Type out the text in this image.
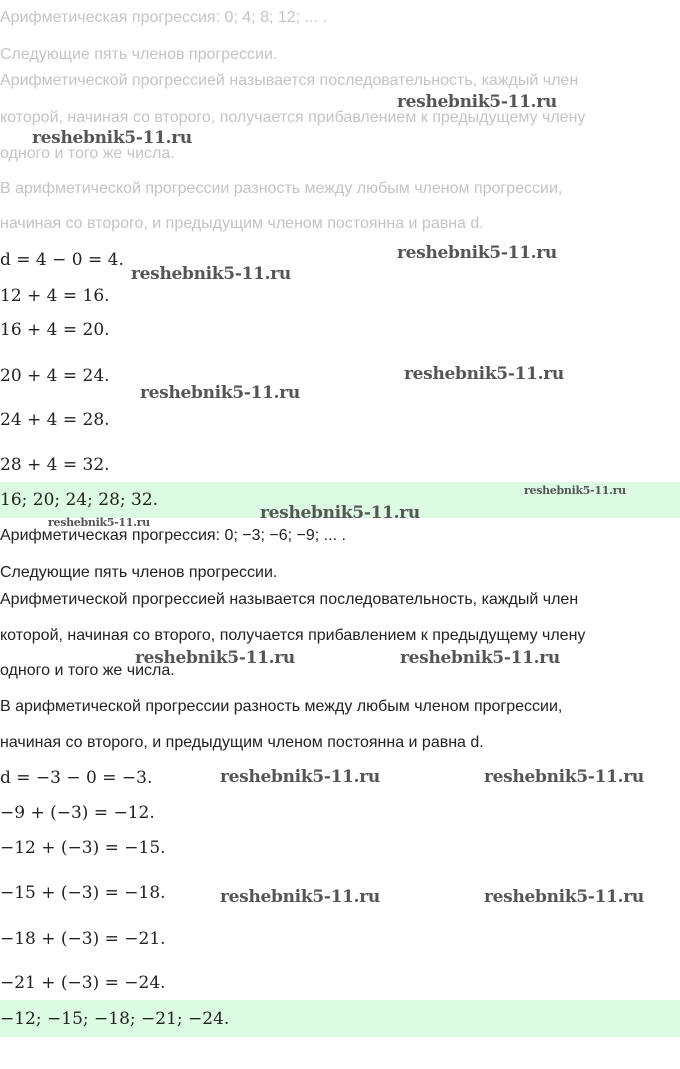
Арифметическая прогрессия: 0; 4; 8; 12; ... .
Следующие пять членов прогрессии.
Арифметической прогрессией называется последовательность, каждый член
которой, начиная со второго, получается прибавлением к предыдущему члену
одного и того же числа.
В арифметической прогрессии разность между любым членом прогрессии,
начиная со второго, и предыдущим членом постоянна и равна d.
d = 4 − 0 = 4.
12 + 4 = 16.
16 + 4 = 20.
20 + 4 = 24.
24 + 4 = 28.
28 + 4 = 32.
16; 20; 24; 28; 32.
Арифметическая прогрессия: 0; −3; −6; −9; ... .
Следующие пять членов прогрессии.
Арифметической прогрессией называется последовательность, каждый член
которой, начиная со второго, получается прибавлением к предыдущему члену
одного и того же числа.
В арифметической прогрессии разность между любым членом прогрессии,
начиная со второго, и предыдущим членом постоянна и равна d.
d = −3 − 0 = −3.
−9 + (−3) = −12.
−12 + (−3) = −15.
−15 + (−3) = −18.
−18 + (−3) = −21.
−21 + (−3) = −24.
−12; −15; −18; −21; −24.
reshebnik5-11.ru
reshebnik5-11.ru
reshebnik5-11.ru
reshebnik5-11.ru
reshebnik5-11.ru
reshebnik5-11.ru
reshebnik5-11.ru
reshebnik5-11.ru
reshebnik5-11.ru
reshebnik5-11.ru	reshebnik5-11.ru
reshebnik5-11.ru	reshebnik5-11.ru
reshebnik5-11.ru	reshebnik5-11.ru
